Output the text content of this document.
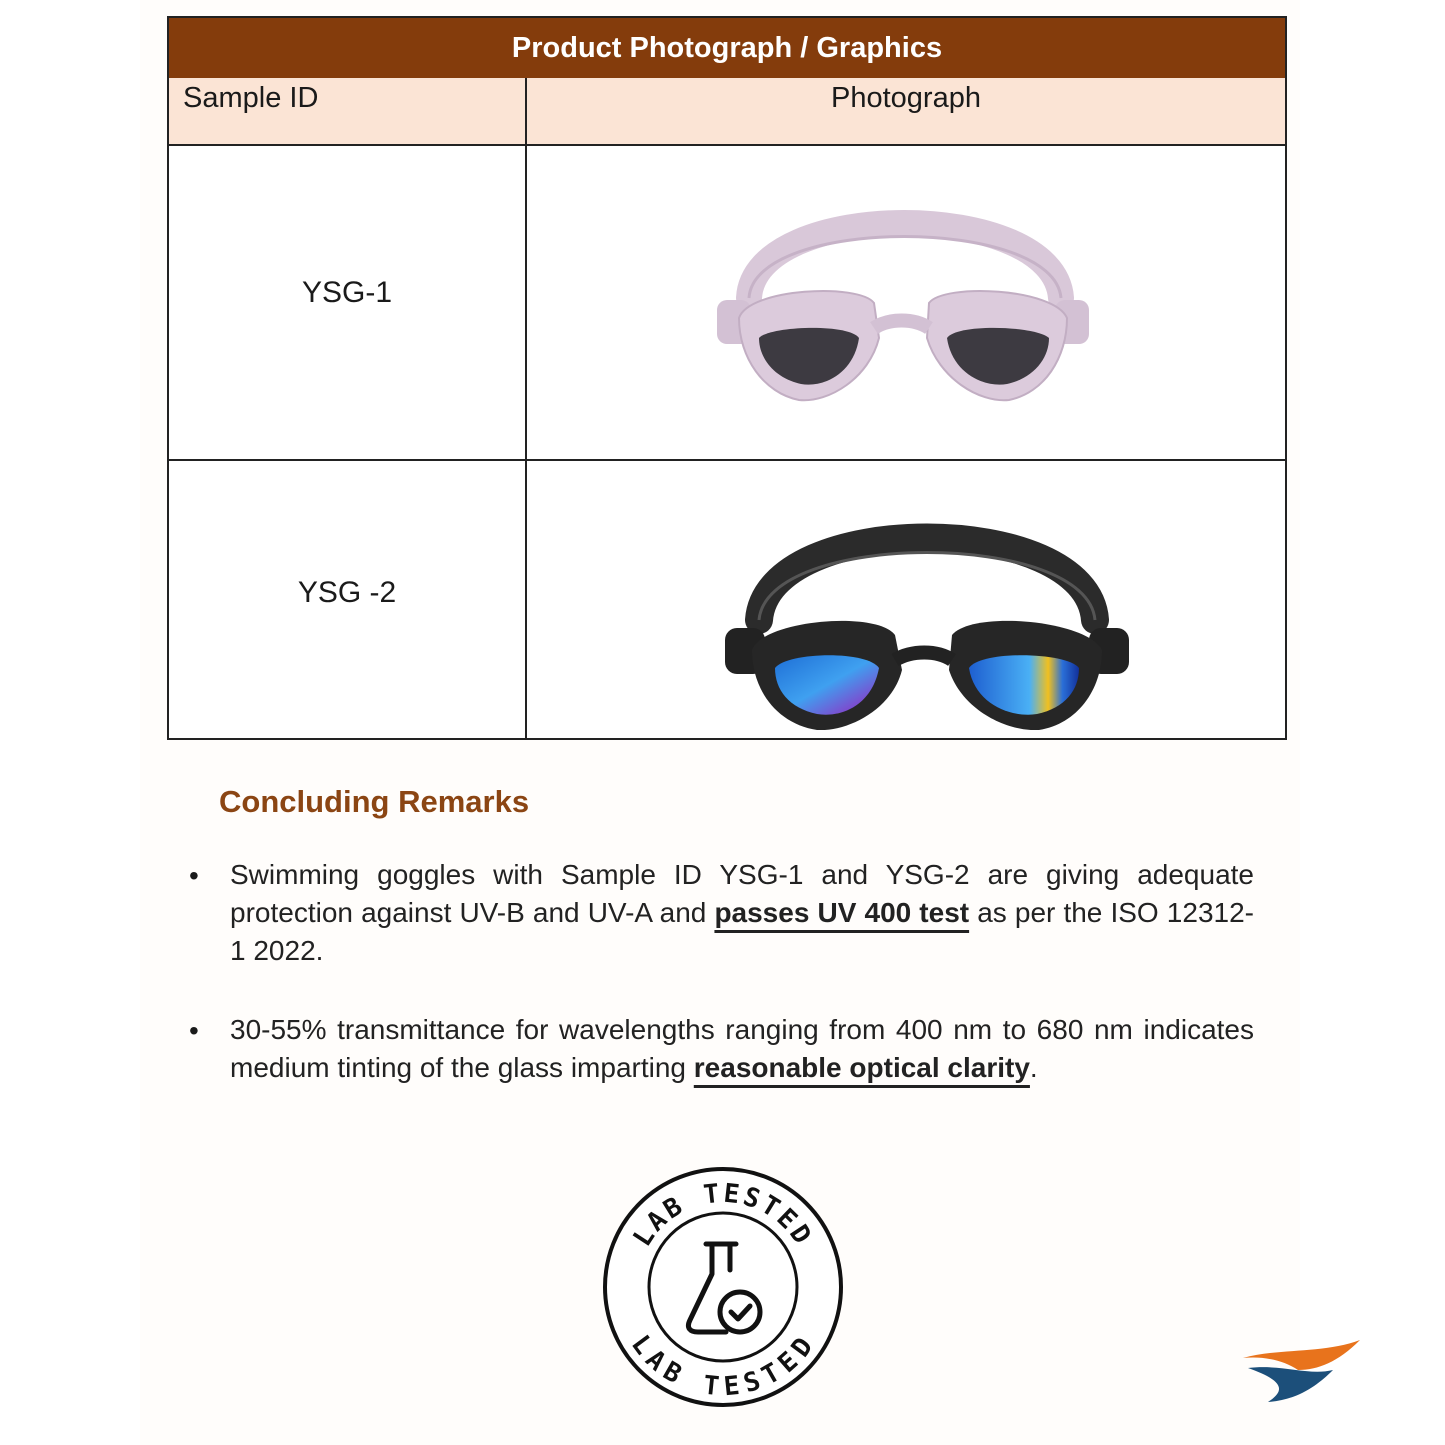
Product Photograph / Graphics
Sample ID	Photograph
YSG-1
YSG -2
Concluding Remarks
• Swimming goggles with Sample ID YSG-1 and YSG-2 are giving adequate protection against UV-B and UV-A and passes UV 400 test as per the ISO 12312-1 2022.
• 30-55% transmittance for wavelengths ranging from 400 nm to 680 nm indicates medium tinting of the glass imparting reasonable optical clarity.
LAB TESTED
LAB TESTED
